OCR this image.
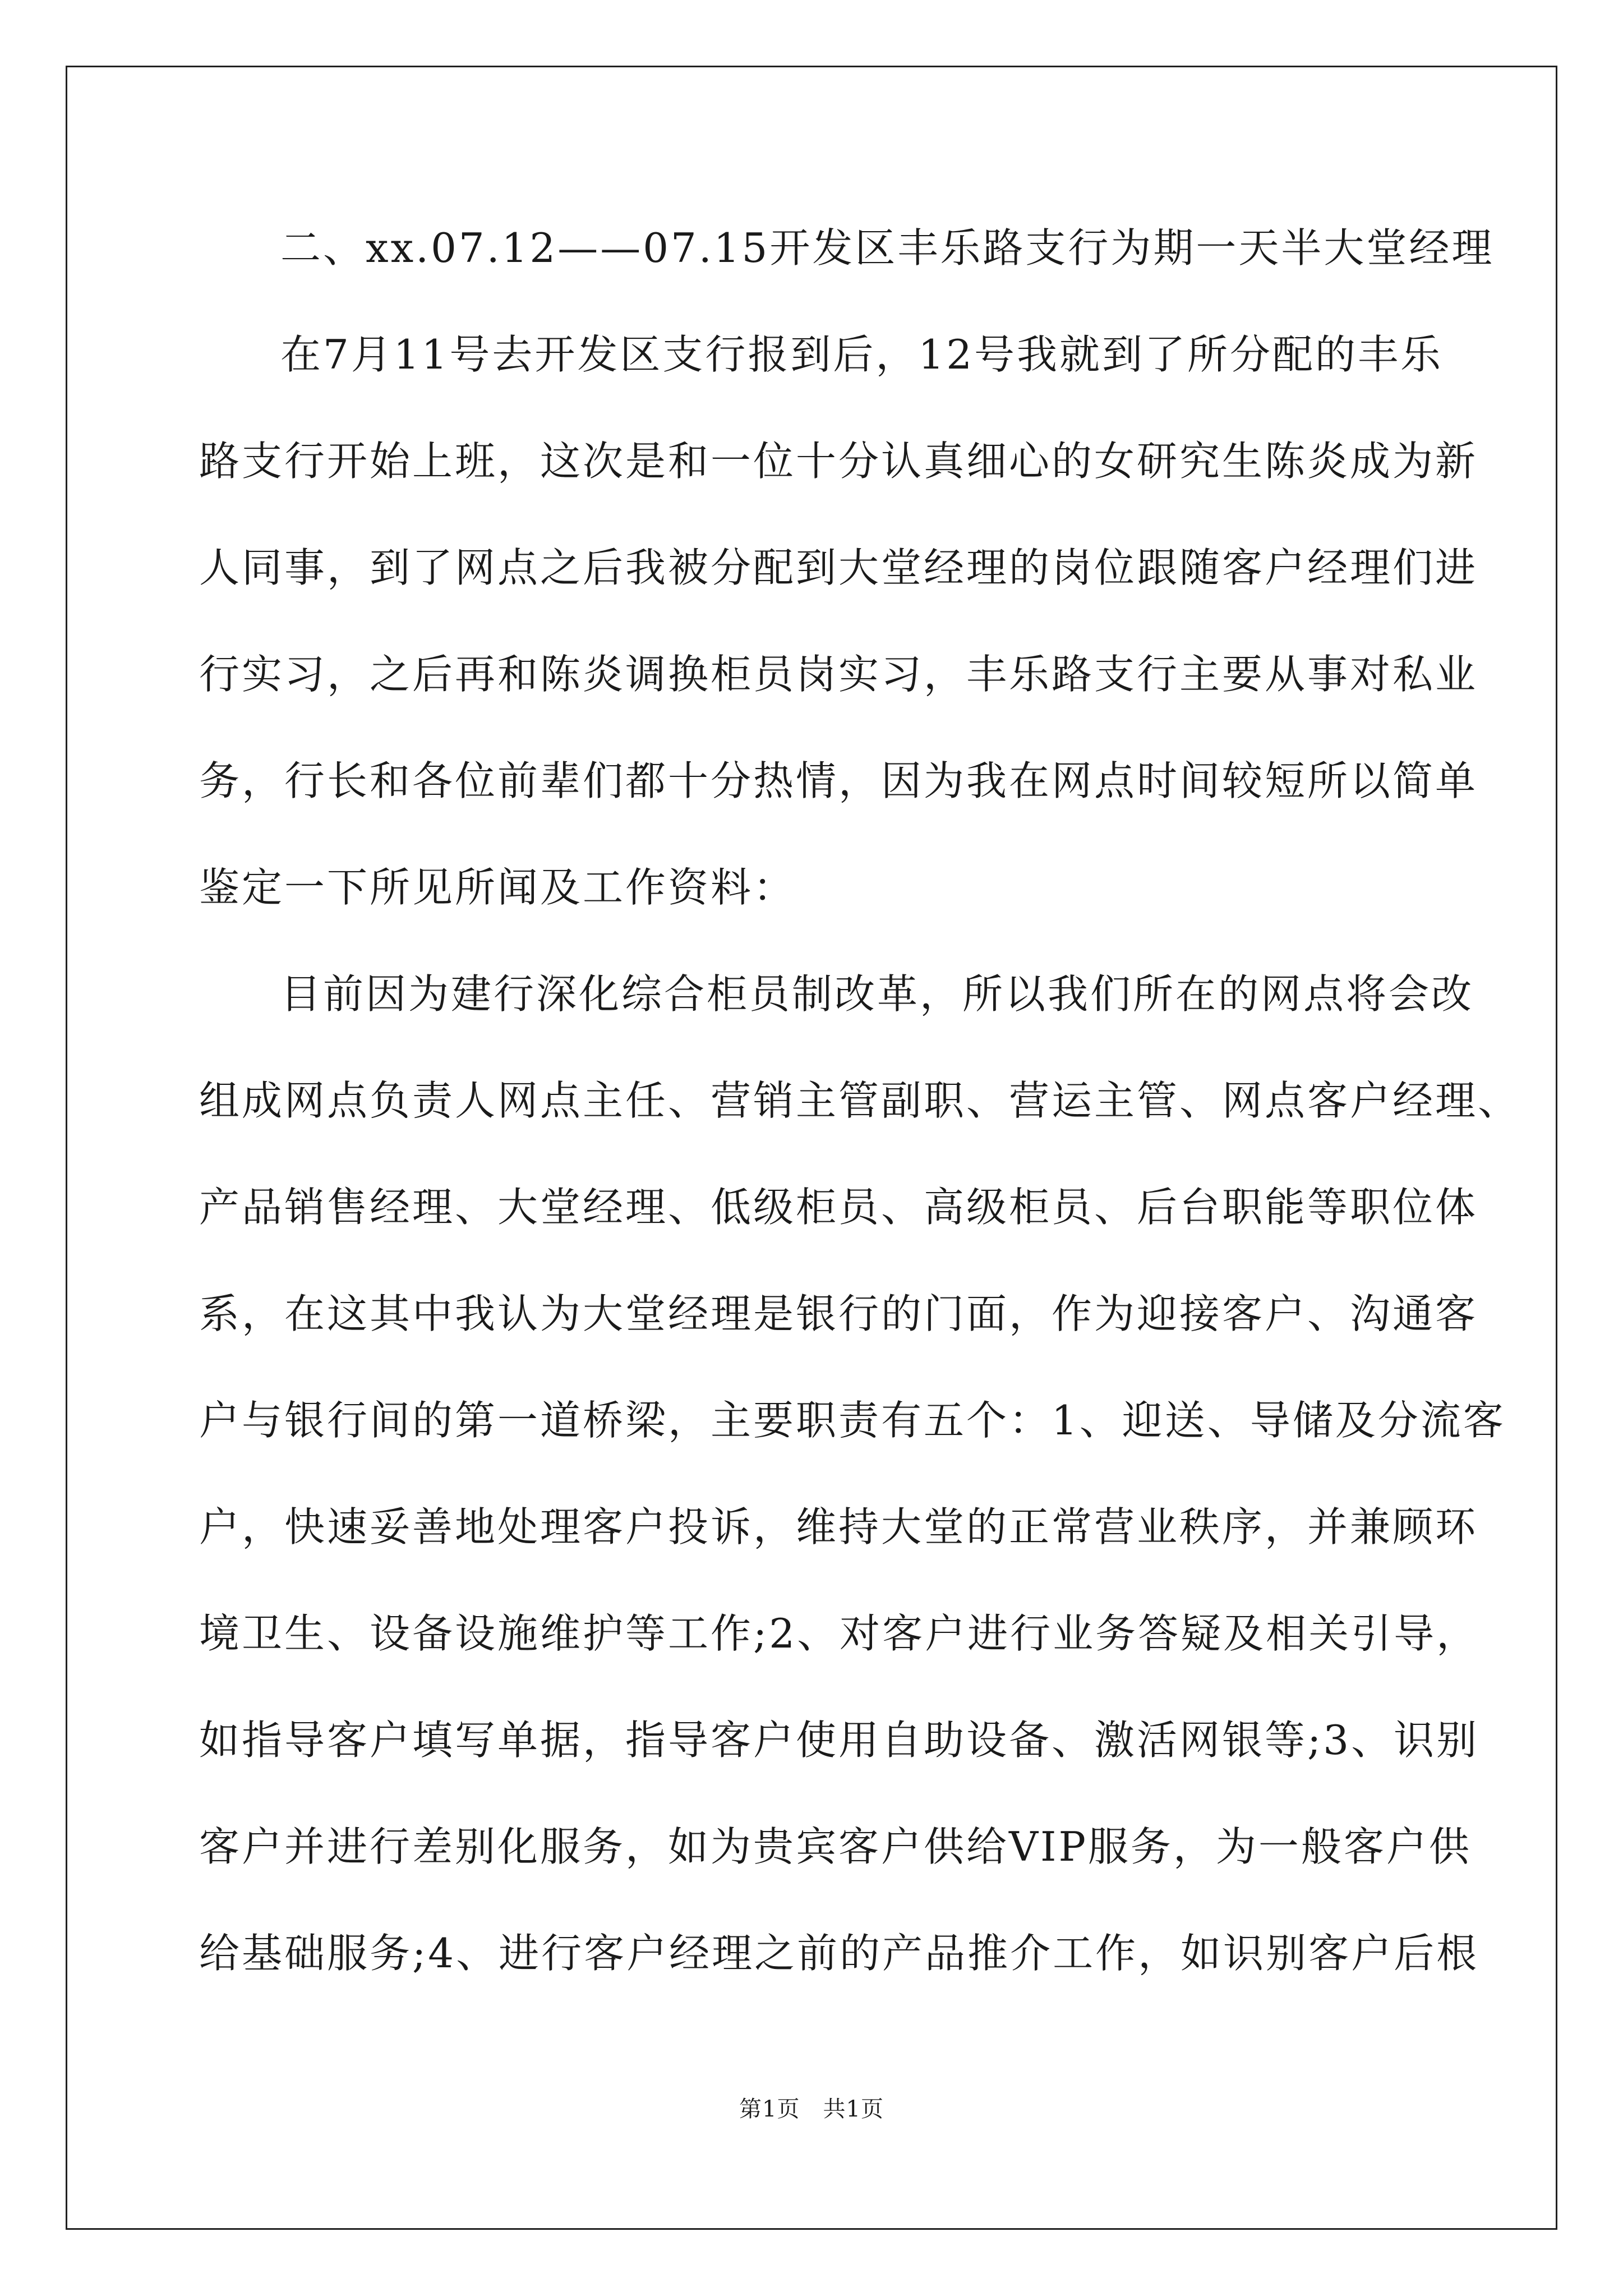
二、xx.07.12——07.15开发区丰乐路支行为期一天半大堂经理
在7月11号去开发区支行报到后，12号我就到了所分配的丰乐
路支行开始上班，这次是和一位十分认真细心的女研究生陈炎成为新
人同事，到了网点之后我被分配到大堂经理的岗位跟随客户经理们进
行实习，之后再和陈炎调换柜员岗实习，丰乐路支行主要从事对私业
务，行长和各位前辈们都十分热情，因为我在网点时间较短所以简单
鉴定一下所见所闻及工作资料：
目前因为建行深化综合柜员制改革，所以我们所在的网点将会改
组成网点负责人网点主任、营销主管副职、营运主管、网点客户经理、
产品销售经理、大堂经理、低级柜员、高级柜员、后台职能等职位体
系，在这其中我认为大堂经理是银行的门面，作为迎接客户、沟通客
户与银行间的第一道桥梁，主要职责有五个：1、迎送、导储及分流客
户，快速妥善地处理客户投诉，维持大堂的正常营业秩序，并兼顾环
境卫生、设备设施维护等工作;2、对客户进行业务答疑及相关引导，
如指导客户填写单据，指导客户使用自助设备、激活网银等;3、识别
客户并进行差别化服务，如为贵宾客户供给VIP服务，为一般客户供
给基础服务;4、进行客户经理之前的产品推介工作，如识别客户后根
第1页　共1页
